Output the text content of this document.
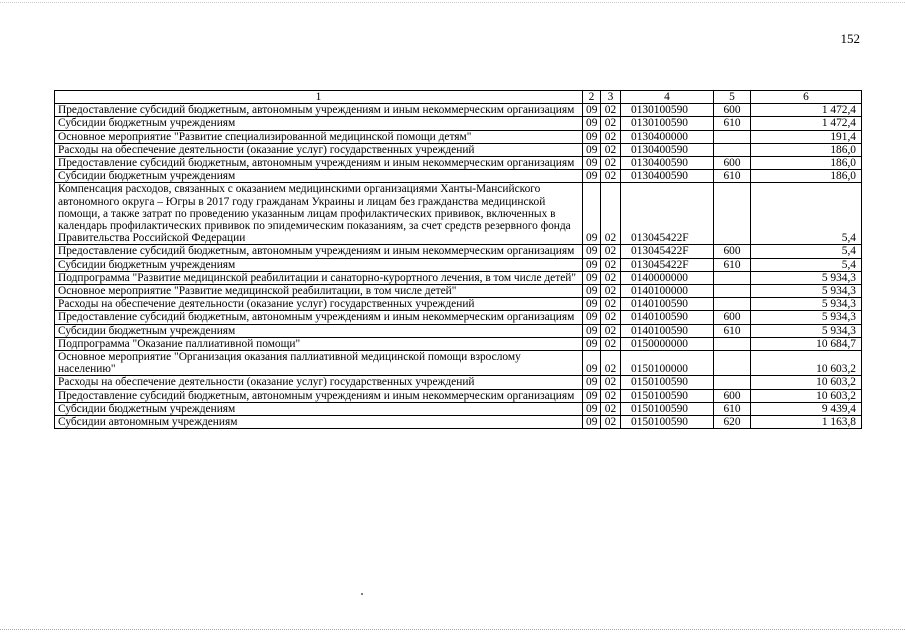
152
1	2	3	4	5	6
Предоставление субсидий бюджетным, автономным учреждениям и иным некоммерческим организациям	09	02	0130100590	600	1 472,4
Субсидии бюджетным учреждениям	09	02	0130100590	610	1 472,4
Основное мероприятие "Развитие специализированной медицинской помощи детям"	09	02	0130400000		191,4
Расходы на обеспечение деятельности (оказание услуг) государственных учреждений	09	02	0130400590		186,0
Предоставление субсидий бюджетным, автономным учреждениям и иным некоммерческим организациям	09	02	0130400590	600	186,0
Субсидии бюджетным учреждениям	09	02	0130400590	610	186,0
Компенсация расходов, связанных с оказанием медицинскими организациями Ханты-Мансийского автономного округа – Югры в 2017 году гражданам Украины и лицам без гражданства медицинской помощи, а также затрат по проведению указанным лицам профилактических прививок, включенных в календарь профилактических прививок по эпидемическим показаниям, за счет средств резервного фонда Правительства Российской Федерации	09	02	013045422F		5,4
Предоставление субсидий бюджетным, автономным учреждениям и иным некоммерческим организациям	09	02	013045422F	600	5,4
Субсидии бюджетным учреждениям	09	02	013045422F	610	5,4
Подпрограмма "Развитие медицинской реабилитации и санаторно-курортного лечения, в том числе детей"	09	02	0140000000		5 934,3
Основное мероприятие "Развитие медицинской реабилитации, в том числе детей"	09	02	0140100000		5 934,3
Расходы на обеспечение деятельности (оказание услуг) государственных учреждений	09	02	0140100590		5 934,3
Предоставление субсидий бюджетным, автономным учреждениям и иным некоммерческим организациям	09	02	0140100590	600	5 934,3
Субсидии бюджетным учреждениям	09	02	0140100590	610	5 934,3
Подпрограмма "Оказание паллиативной помощи"	09	02	0150000000		10 684,7
Основное мероприятие "Организация оказания паллиативной медицинской помощи взрослому населению"	09	02	0150100000		10 603,2
Расходы на обеспечение деятельности (оказание услуг) государственных учреждений	09	02	0150100590		10 603,2
Предоставление субсидий бюджетным, автономным учреждениям и иным некоммерческим организациям	09	02	0150100590	600	10 603,2
Субсидии бюджетным учреждениям	09	02	0150100590	610	9 439,4
Субсидии автономным учреждениям	09	02	0150100590	620	1 163,8
